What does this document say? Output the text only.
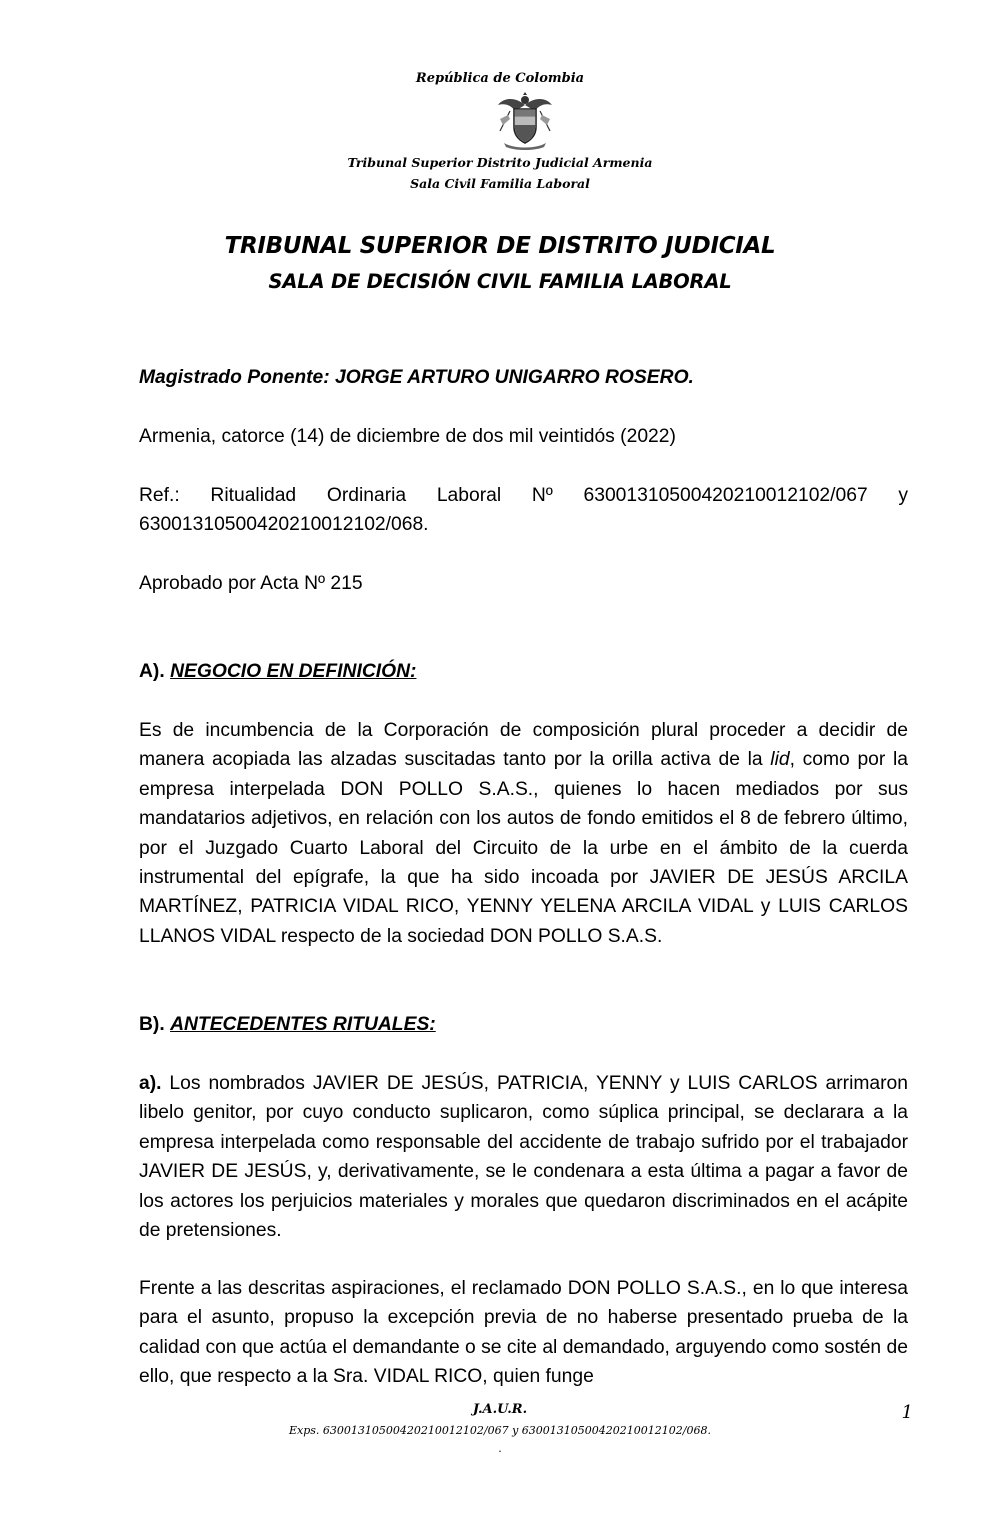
República de Colombia
Tribunal Superior Distrito Judicial Armenia
Sala Civil Familia Laboral
TRIBUNAL SUPERIOR DE DISTRITO JUDICIAL
SALA DE DECISIÓN CIVIL FAMILIA LABORAL
Magistrado Ponente: JORGE ARTURO UNIGARRO ROSERO.
Armenia, catorce (14) de diciembre de dos mil veintidós (2022)
Ref.: Ritualidad Ordinaria Laboral Nº 63001310500420210012102/067 y 63001310500420210012102/068.
Aprobado por Acta Nº 215
A). NEGOCIO EN DEFINICIÓN:
Es de incumbencia de la Corporación de composición plural proceder a decidir de manera acopiada las alzadas suscitadas tanto por la orilla activa de la lid, como por la empresa interpelada DON POLLO S.A.S., quienes lo hacen mediados por sus mandatarios adjetivos, en relación con los autos de fondo emitidos el 8 de febrero último, por el Juzgado Cuarto Laboral del Circuito de la urbe en el ámbito de la cuerda instrumental del epígrafe, la que ha sido incoada por JAVIER DE JESÚS ARCILA MARTÍNEZ, PATRICIA VIDAL RICO, YENNY YELENA ARCILA VIDAL y LUIS CARLOS LLANOS VIDAL respecto de la sociedad DON POLLO S.A.S.
B). ANTECEDENTES RITUALES:
a). Los nombrados JAVIER DE JESÚS, PATRICIA, YENNY y LUIS CARLOS arrimaron libelo genitor, por cuyo conducto suplicaron, como súplica principal, se declarara a la empresa interpelada como responsable del accidente de trabajo sufrido por el trabajador JAVIER DE JESÚS, y, derivativamente, se le condenara a esta última a pagar a favor de los actores los perjuicios materiales y morales que quedaron discriminados en el acápite de pretensiones.
Frente a las descritas aspiraciones, el reclamado DON POLLO S.A.S., en lo que interesa para el asunto, propuso la excepción previa de no haberse presentado prueba de la calidad con que actúa el demandante o se cite al demandado, arguyendo como sostén de ello, que respecto a la Sra. VIDAL RICO, quien funge
J.A.U.R.	1
Exps. 63001310500420210012102/067 y 63001310500420210012102/068.
.
